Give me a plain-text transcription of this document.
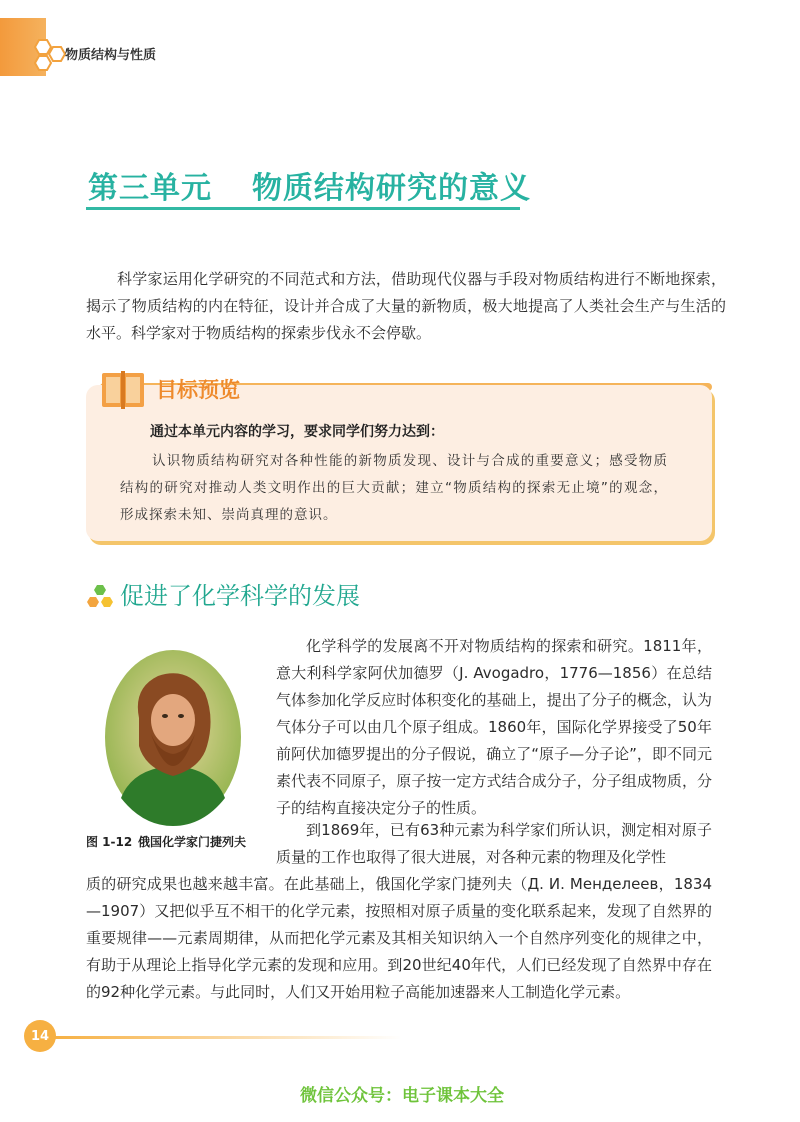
物质结构与性质
第三单元 物质结构研究的意义

科学家运用化学研究的不同范式和方法，借助现代仪器与手段对物质结构进行不断地探索，揭示了物质结构的内在特征，设计并合成了大量的新物质，极大地提高了人类社会生产与生活的水平。科学家对于物质结构的探索步伐永不会停歇。

目标预览
通过本单元内容的学习，要求同学们努力达到：

认识物质结构研究对各种性能的新物质发现、设计与合成的重要意义；感受物质结构的研究对推动人类文明作出的巨大贡献；建立“物质结构的探索无止境”的观念，形成探索未知、崇尚真理的意识。

促进了化学科学的发展
图 1-12 俄国化学家门捷列夫

化学科学的发展离不开对物质结构的探索和研究。1811年，意大利科学家阿伏加德罗（J. Avogadro，1776—1856）在总结气体参加化学反应时体积变化的基础上，提出了分子的概念，认为气体分子可以由几个原子组成。1860年，国际化学界接受了50年前阿伏加德罗提出的分子假说，确立了“原子—分子论”，即不同元素代表不同原子，原子按一定方式结合成分子，分子组成物质，分子的结构直接决定分子的性质。

到1869年，已有63种元素为科学家们所认识，测定相对原子质量的工作也取得了很大进展，对各种元素的物理及化学性

质的研究成果也越来越丰富。在此基础上，俄国化学家门捷列夫（Д. И. Менделеев，1834—1907）又把似乎互不相干的化学元素，按照相对原子质量的变化联系起来，发现了自然界的重要规律——元素周期律，从而把化学元素及其相关知识纳入一个自然序列变化的规律之中，有助于从理论上指导化学元素的发现和应用。到20世纪40年代，人们已经发现了自然界中存在的92种化学元素。与此同时，人们又开始用粒子高能加速器来人工制造化学元素。

14
微信公众号：电子课本大全
